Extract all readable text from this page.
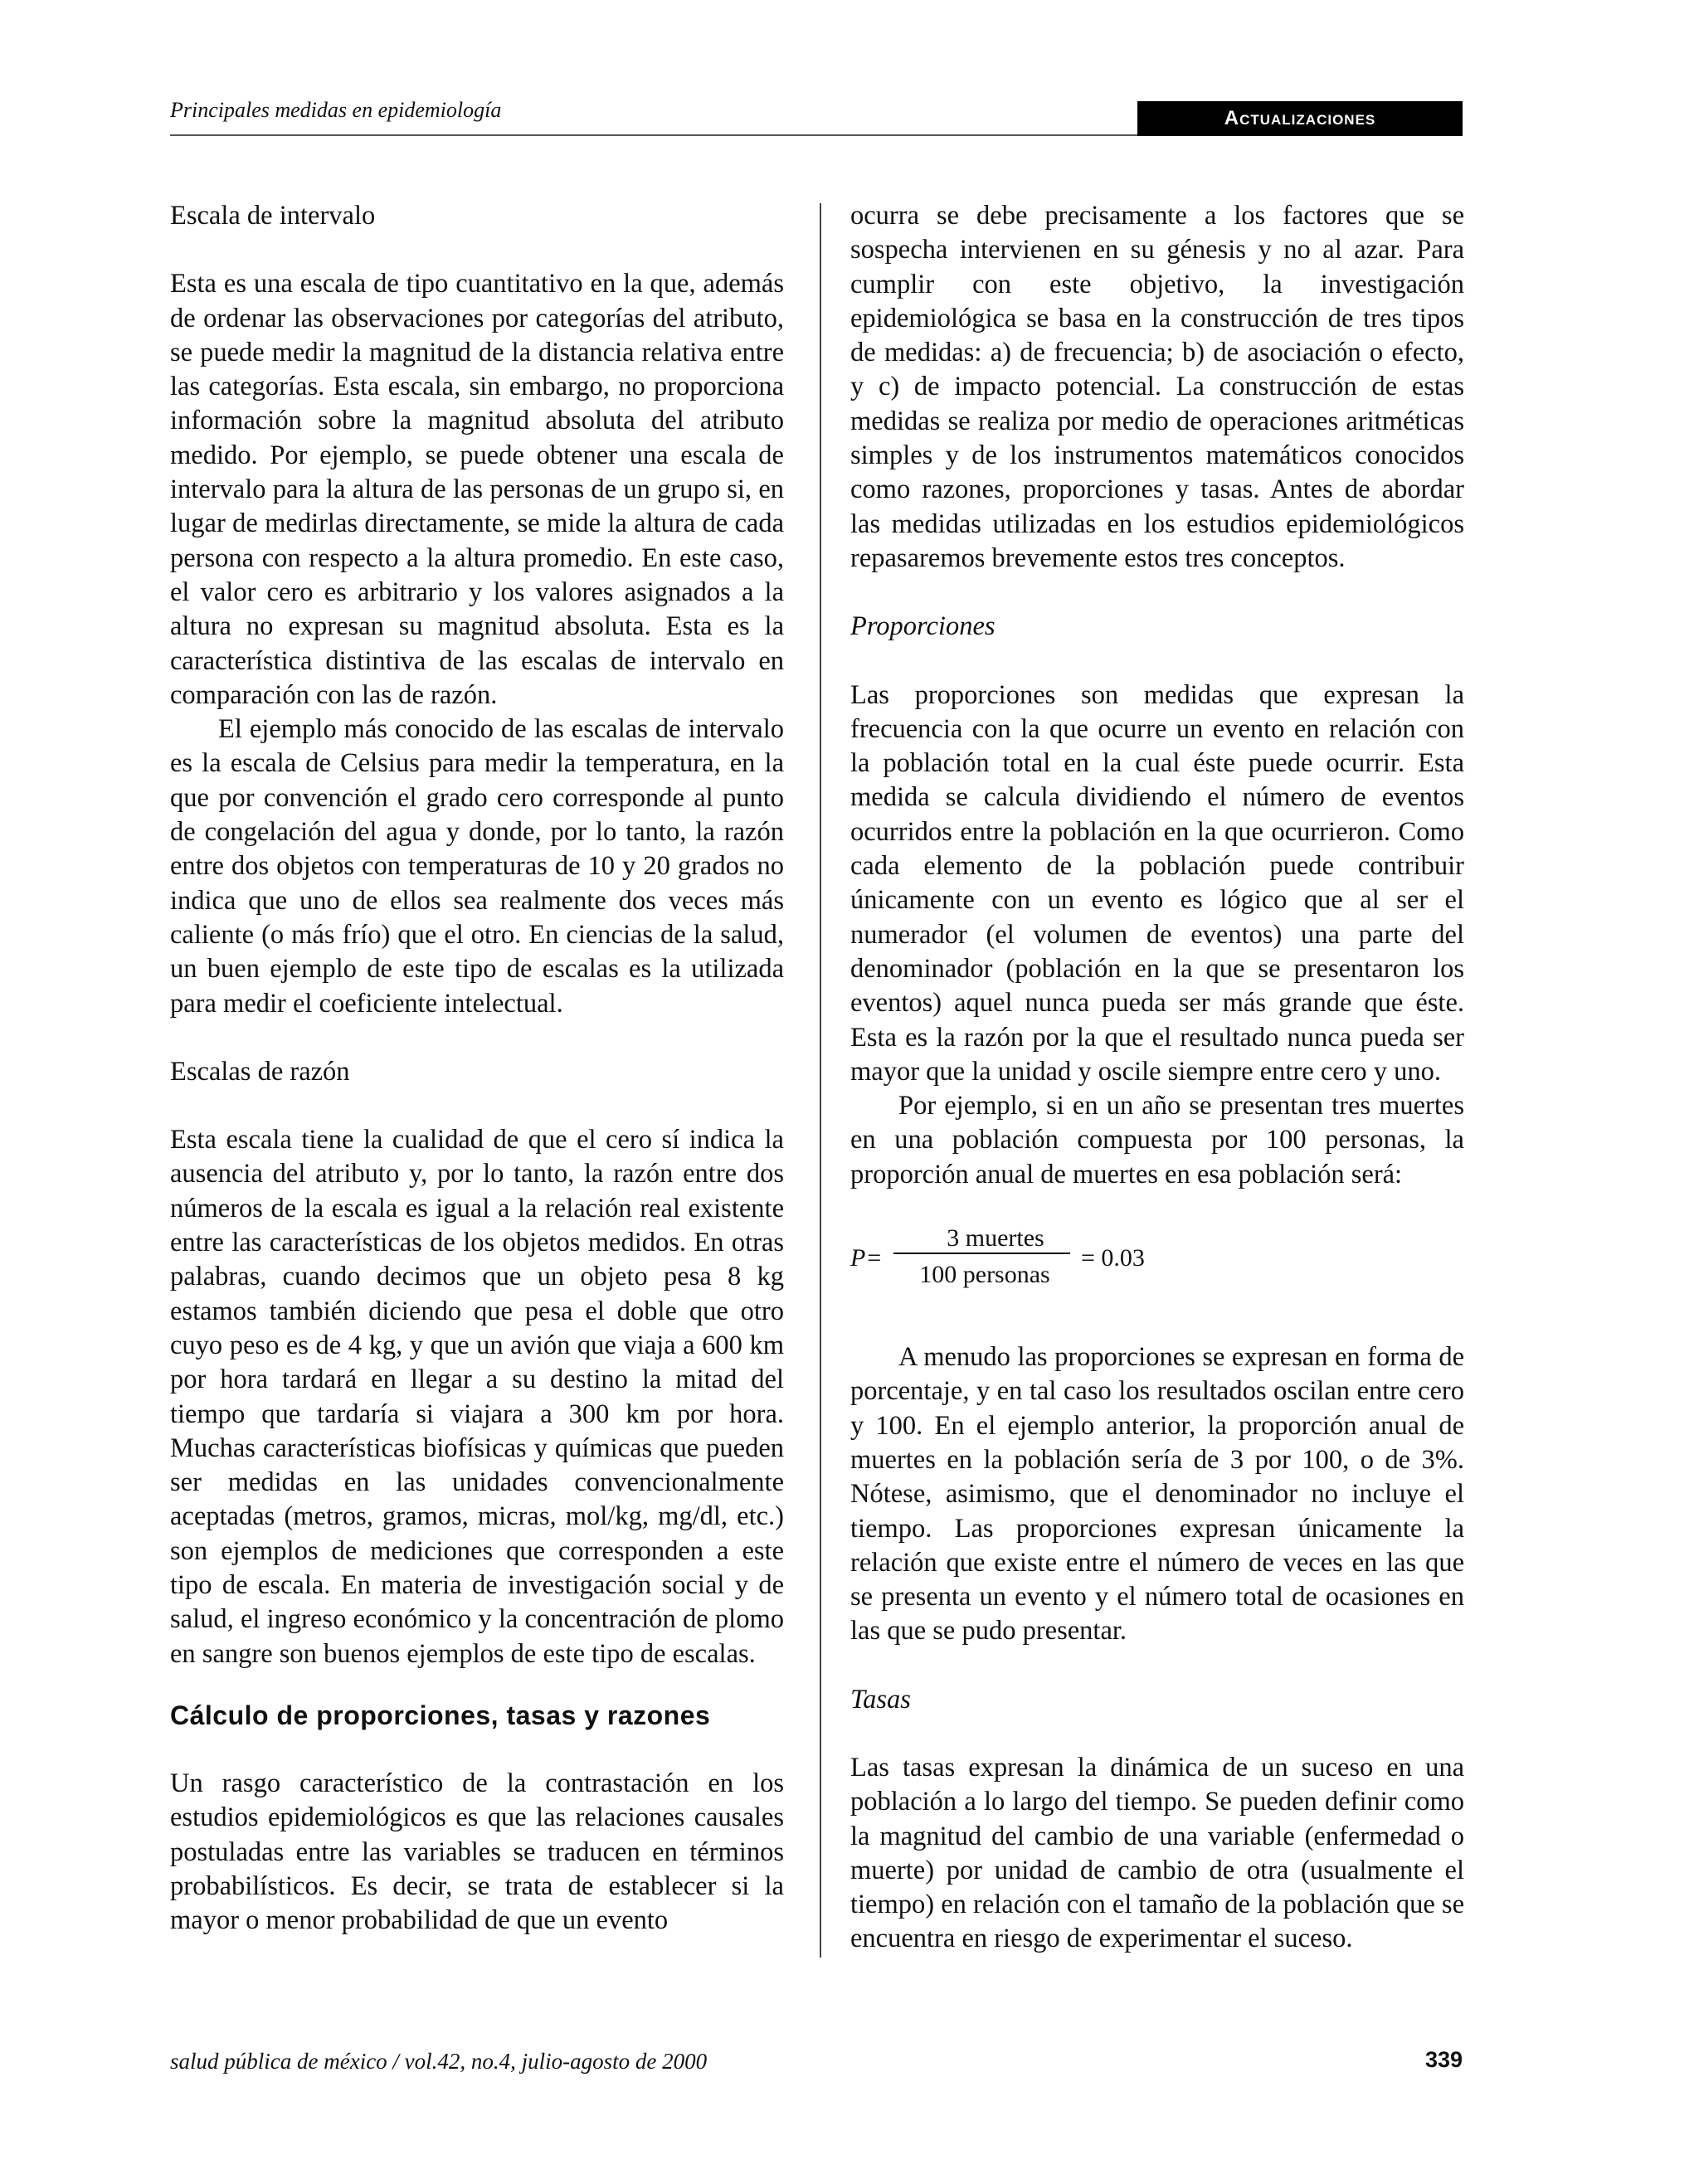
Principales medidas en epidemiología	Actualizaciones

Escala de intervalo

Esta es una escala de tipo cuantitativo en la que, además de ordenar las observaciones por categorías del atributo, se puede medir la magnitud de la distancia relativa entre las categorías. Esta escala, sin embargo, no proporciona información sobre la magnitud absoluta del atributo medido. Por ejemplo, se puede obtener una escala de intervalo para la altura de las personas de un grupo si, en lugar de medirlas directamente, se mide la altura de cada persona con respecto a la altura promedio. En este caso, el valor cero es arbitrario y los valores asignados a la altura no expresan su magnitud absoluta. Esta es la característica distintiva de las escalas de intervalo en comparación con las de razón.

El ejemplo más conocido de las escalas de intervalo es la escala de Celsius para medir la temperatura, en la que por convención el grado cero corresponde al punto de congelación del agua y donde, por lo tanto, la razón entre dos objetos con temperaturas de 10 y 20 grados no indica que uno de ellos sea realmente dos veces más caliente (o más frío) que el otro. En ciencias de la salud, un buen ejemplo de este tipo de escalas es la utilizada para medir el coeficiente intelectual.

Escalas de razón

Esta escala tiene la cualidad de que el cero sí indica la ausencia del atributo y, por lo tanto, la razón entre dos números de la escala es igual a la relación real existente entre las características de los objetos medidos. En otras palabras, cuando decimos que un objeto pesa 8 kg estamos también diciendo que pesa el doble que otro cuyo peso es de 4 kg, y que un avión que viaja a 600 km por hora tardará en llegar a su destino la mitad del tiempo que tardaría si viajara a 300 km por hora. Muchas características biofísicas y químicas que pueden ser medidas en las unidades convencionalmente aceptadas (metros, gramos, micras, mol/kg, mg/dl, etc.) son ejemplos de mediciones que corresponden a este tipo de escala. En materia de investigación social y de salud, el ingreso económico y la concentración de plomo en sangre son buenos ejemplos de este tipo de escalas.

Cálculo de proporciones, tasas y razones

Un rasgo característico de la contrastación en los estudios epidemiológicos es que las relaciones causales postuladas entre las variables se traducen en términos probabilísticos. Es decir, se trata de establecer si la mayor o menor probabilidad de que un evento

ocurra se debe precisamente a los factores que se sospecha intervienen en su génesis y no al azar. Para cumplir con este objetivo, la investigación epidemiológica se basa en la construcción de tres tipos de medidas: a) de frecuencia; b) de asociación o efecto, y c) de impacto potencial. La construcción de estas medidas se realiza por medio de operaciones aritméticas simples y de los instrumentos matemáticos conocidos como razones, proporciones y tasas. Antes de abordar las medidas utilizadas en los estudios epidemiológicos repasaremos brevemente estos tres conceptos.

Proporciones

Las proporciones son medidas que expresan la frecuencia con la que ocurre un evento en relación con la población total en la cual éste puede ocurrir. Esta medida se calcula dividiendo el número de eventos ocurridos entre la población en la que ocurrieron. Como cada elemento de la población puede contribuir únicamente con un evento es lógico que al ser el numerador (el volumen de eventos) una parte del denominador (población en la que se presentaron los eventos) aquel nunca pueda ser más grande que éste. Esta es la razón por la que el resultado nunca pueda ser mayor que la unidad y oscile siempre entre cero y uno.

Por ejemplo, si en un año se presentan tres muertes en una población compuesta por 100 personas, la proporción anual de muertes en esa población será:

P=
3 muertes
100 personas
= 0.03

A menudo las proporciones se expresan en forma de porcentaje, y en tal caso los resultados oscilan entre cero y 100. En el ejemplo anterior, la proporción anual de muertes en la población sería de 3 por 100, o de 3%. Nótese, asimismo, que el denominador no incluye el tiempo. Las proporciones expresan únicamente la relación que existe entre el número de veces en las que se presenta un evento y el número total de ocasiones en las que se pudo presentar.

Tasas

Las tasas expresan la dinámica de un suceso en una población a lo largo del tiempo. Se pueden definir como la magnitud del cambio de una variable (enfermedad o muerte) por unidad de cambio de otra (usualmente el tiempo) en relación con el tamaño de la población que se encuentra en riesgo de experimentar el suceso.

salud pública de méxico / vol.42, no.4, julio-agosto de 2000	339
